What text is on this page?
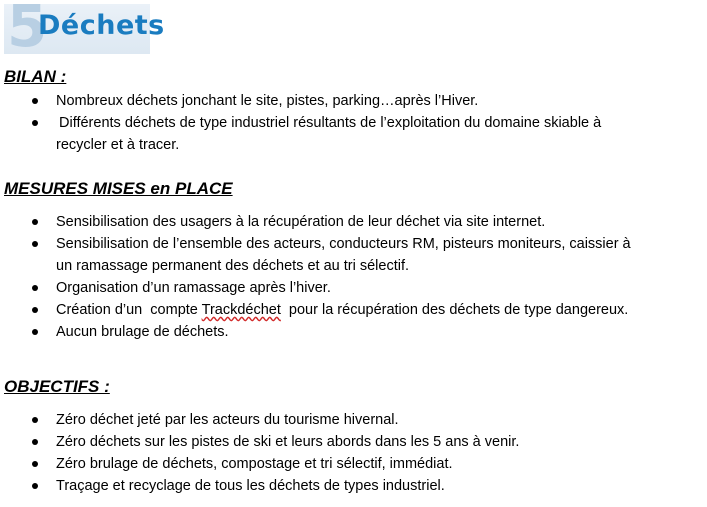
5
Déchets
BILAN :
Nombreux déchets jonchant le site, pistes, parking…après l’Hiver.
Différents déchets de type industriel résultants de l’exploitation du domaine skiable à
recycler et à tracer.
MESURES MISES en PLACE
Sensibilisation des usagers à la récupération de leur déchet via site internet.
Sensibilisation de l’ensemble des acteurs, conducteurs RM, pisteurs moniteurs, caissier à
un ramassage permanent des déchets et au tri sélectif.
Organisation d’un ramassage après l’hiver.
Création d’un  compte Trackdéchet  pour la récupération des déchets de type dangereux.
Aucun brulage de déchets.
OBJECTIFS :
Zéro déchet jeté par les acteurs du tourisme hivernal.
Zéro déchets sur les pistes de ski et leurs abords dans les 5 ans à venir.
Zéro brulage de déchets, compostage et tri sélectif, immédiat.
Traçage et recyclage de tous les déchets de types industriel.
